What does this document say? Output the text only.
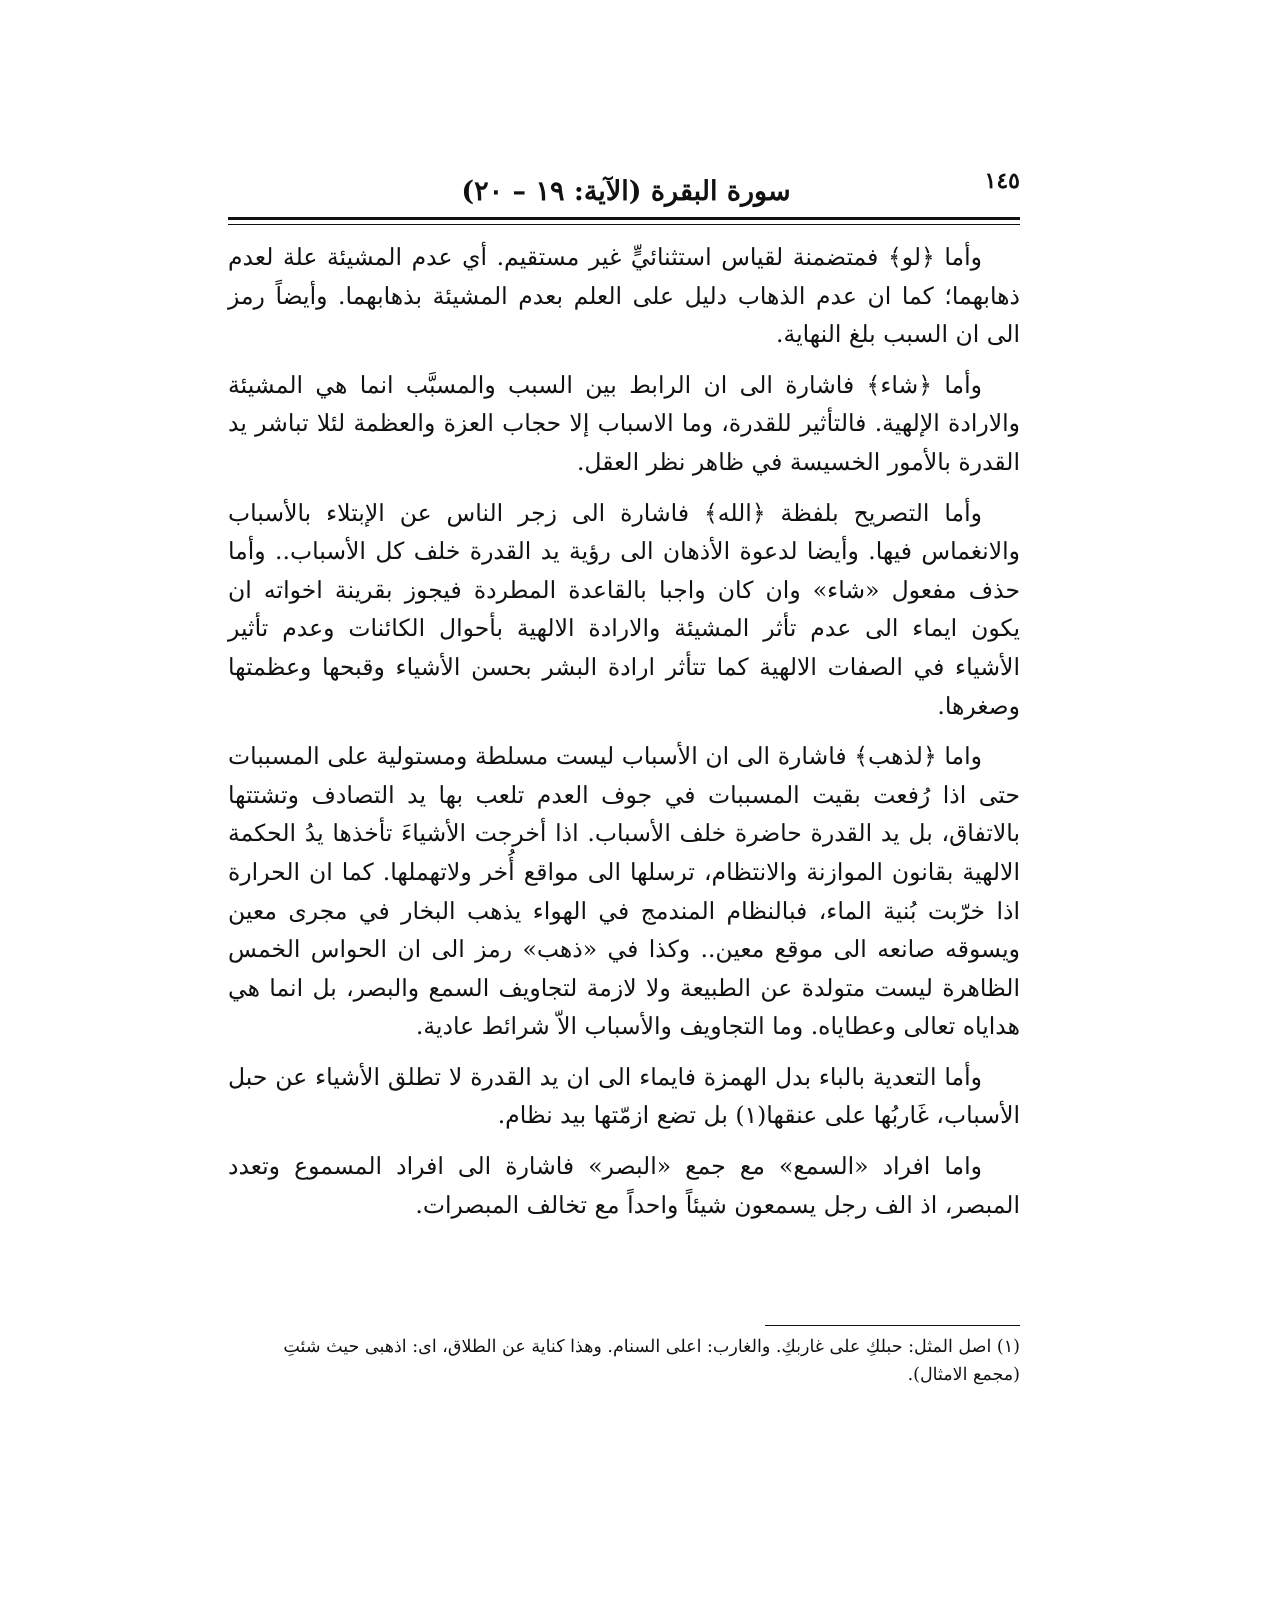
١٤٥
سورة البقرة (الآية: ١٩ – ٢٠)

وأما ﴿لو﴾ فمتضمنة لقياس استثنائيٍّ غير مستقيم. أي عدم المشيئة علة لعدم ذهابهما؛ كما ان عدم الذهاب دليل على العلم بعدم المشيئة بذهابهما. وأيضاً رمز الى ان السبب بلغ النهاية.

وأما ﴿شاء﴾ فاشارة الى ان الرابط بين السبب والمسبَّب انما هي المشيئة والارادة الإلهية. فالتأثير للقدرة، وما الاسباب إلا حجاب العزة والعظمة لئلا تباشر يد القدرة بالأمور الخسيسة في ظاهر نظر العقل.

وأما التصريح بلفظة ﴿الله﴾ فاشارة الى زجر الناس عن الإبتلاء بالأسباب والانغماس فيها. وأيضا لدعوة الأذهان الى رؤية يد القدرة خلف كل الأسباب.. وأما حذف مفعول «شاء» وان كان واجبا بالقاعدة المطردة فيجوز بقرينة اخواته ان يكون ايماء الى عدم تأثر المشيئة والارادة الالهية بأحوال الكائنات وعدم تأثير الأشياء في الصفات الالهية كما تتأثر ارادة البشر بحسن الأشياء وقبحها وعظمتها وصغرها.

واما ﴿لذهب﴾ فاشارة الى ان الأسباب ليست مسلطة ومستولية على المسببات حتى اذا رُفعت بقيت المسببات في جوف العدم تلعب بها يد التصادف وتشتتها بالاتفاق، بل يد القدرة حاضرة خلف الأسباب. اذا أخرجت الأشياءَ تأخذها يدُ الحكمة الالهية بقانون الموازنة والانتظام، ترسلها الى مواقع أُخر ولاتهملها. كما ان الحرارة اذا خرّبت بُنية الماء، فبالنظام المندمج في الهواء يذهب البخار في مجرى معين ويسوقه صانعه الى موقع معين.. وكذا في «ذهب» رمز الى ان الحواس الخمس الظاهرة ليست متولدة عن الطبيعة ولا لازمة لتجاويف السمع والبصر، بل انما هي هداياه تعالى وعطاياه. وما التجاويف والأسباب الاّ شرائط عادية.

وأما التعدية بالباء بدل الهمزة فايماء الى ان يد القدرة لا تطلق الأشياء عن حبل الأسباب، غَاربُها على عنقها(١) بل تضع ازمّتها بيد نظام.

واما افراد «السمع» مع جمع «البصر» فاشارة الى افراد المسموع وتعدد المبصر، اذ الف رجل يسمعون شيئاً واحداً مع تخالف المبصرات.

(١) اصل المثل: حبلكِ على غاربكِ. والغارب: اعلى السنام. وهذا كناية عن الطلاق، اى: اذهبى حيث شئتِ

(مجمع الامثال).
